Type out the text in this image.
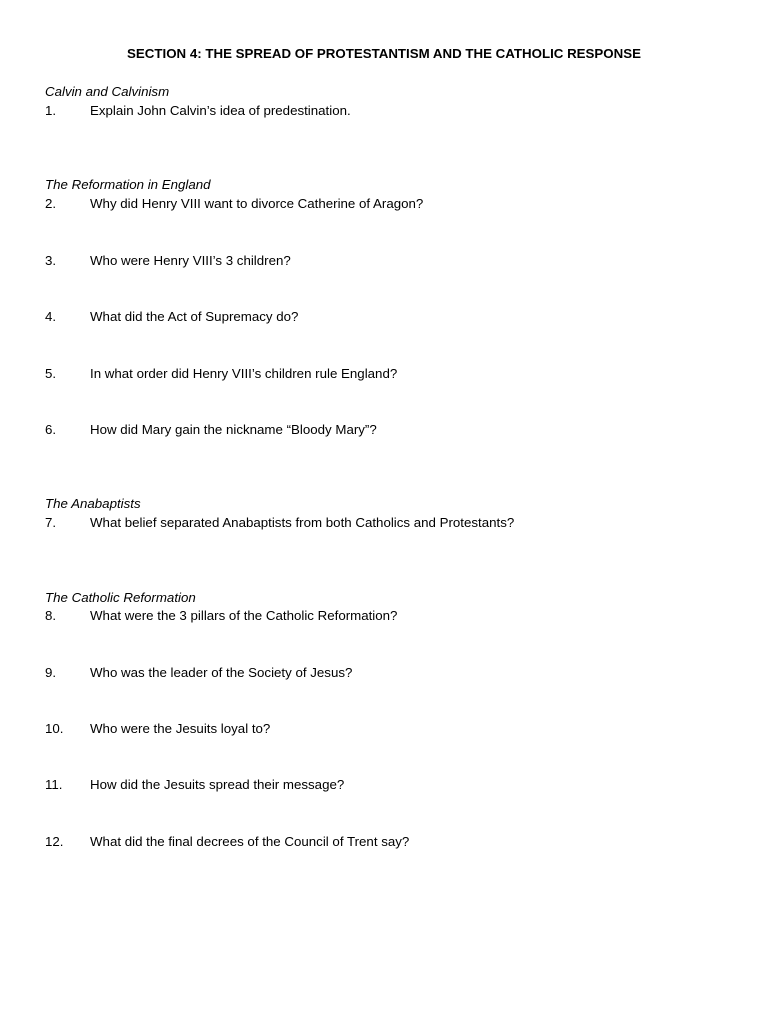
SECTION 4: THE SPREAD OF PROTESTANTISM AND THE CATHOLIC RESPONSE
Calvin and Calvinism
1.	Explain John Calvin’s idea of predestination.
The Reformation in England
2.	Why did Henry VIII want to divorce Catherine of Aragon?
3.	Who were Henry VIII’s 3 children?
4.	What did the Act of Supremacy do?
5.	In what order did Henry VIII’s children rule England?
6.	How did Mary gain the nickname “Bloody Mary”?
The Anabaptists
7.	What belief separated Anabaptists from both Catholics and Protestants?
The Catholic Reformation
8.	What were the 3 pillars of the Catholic Reformation?
9.	Who was the leader of the Society of Jesus?
10. Who were the Jesuits loyal to?
11. How did the Jesuits spread their message?
12. What did the final decrees of the Council of Trent say?
